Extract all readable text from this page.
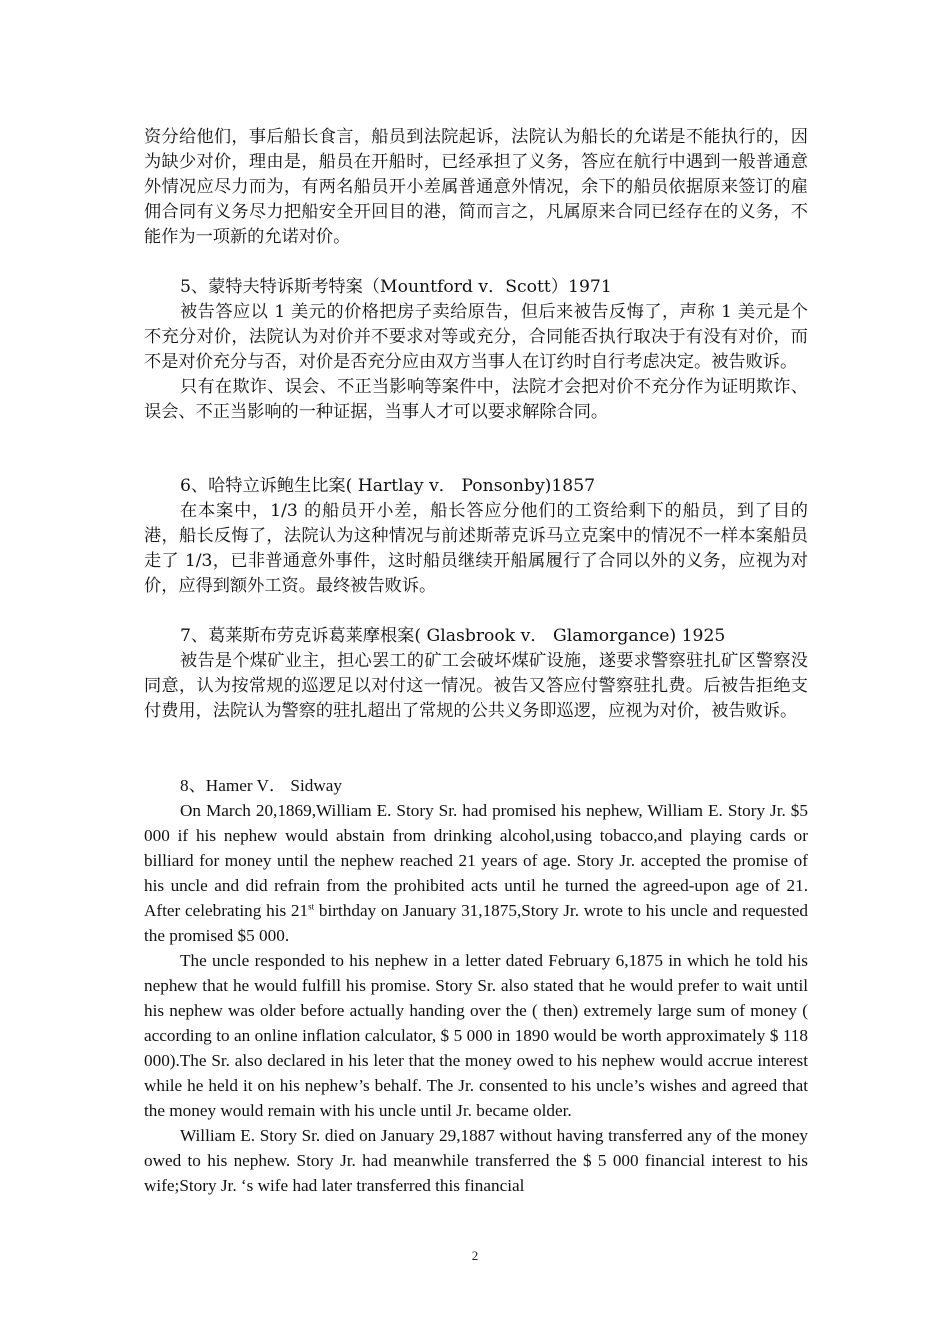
资分给他们，事后船长食言，船员到法院起诉，法院认为船长的允诺是不能执行的，因为缺少对价，理由是，船员在开船时，已经承担了义务，答应在航行中遇到一般普通意外情况应尽力而为，有两名船员开小差属普通意外情况，余下的船员依据原来签订的雇佣合同有义务尽力把船安全开回目的港，简而言之，凡属原来合同已经存在的义务，不能作为一项新的允诺对价。

5、蒙特夫特诉斯考特案（Mountford v．Scott）1971

被告答应以 1 美元的价格把房子卖给原告，但后来被告反悔了，声称 1 美元是个不充分对价，法院认为对价并不要求对等或充分，合同能否执行取决于有没有对价，而不是对价充分与否，对价是否充分应由双方当事人在订约时自行考虑决定。被告败诉。

只有在欺诈、误会、不正当影响等案件中，法院才会把对价不充分作为证明欺诈、误会、不正当影响的一种证据，当事人才可以要求解除合同。

6、哈特立诉鲍生比案( Hartlay v． Ponsonby)1857

在本案中，1/3 的船员开小差，船长答应分他们的工资给剩下的船员，到了目的港，船长反悔了，法院认为这种情况与前述斯蒂克诉马立克案中的情况不一样本案船员走了 1/3，已非普通意外事件，这时船员继续开船属履行了合同以外的义务，应视为对价，应得到额外工资。最终被告败诉。

7、葛莱斯布劳克诉葛莱摩根案( Glasbrook v． Glamorgance) 1925

被告是个煤矿业主，担心罢工的矿工会破坏煤矿设施，遂要求警察驻扎矿区警察没同意，认为按常规的巡逻足以对付这一情况。被告又答应付警察驻扎费。后被告拒绝支付费用，法院认为警察的驻扎超出了常规的公共义务即巡逻，应视为对价，被告败诉。

8、Hamer V． Sidway

On March 20,1869,William E. Story Sr. had promised his nephew, William E. Story Jr. $5 000 if his nephew would abstain from drinking alcohol,using tobacco,and playing cards or billiard for money until the nephew reached 21 years of age. Story Jr. accepted the promise of his uncle and did refrain from the prohibited acts until he turned the agreed-upon age of 21. After celebrating his 21st birthday on January 31,1875,Story Jr. wrote to his uncle and requested the promised $5 000.

The uncle responded to his nephew in a letter dated February 6,1875 in which he told his nephew that he would fulfill his promise. Story Sr. also stated that he would prefer to wait until his nephew was older before actually handing over the ( then) extremely large sum of money ( according to an online inflation calculator, $ 5 000 in 1890 would be worth approximately $ 118 000).The Sr. also declared in his leter that the money owed to his nephew would accrue interest while he held it on his nephew’s behalf. The Jr. consented to his uncle’s wishes and agreed that the money would remain with his uncle until Jr. became older.

William E. Story Sr. died on January 29,1887 without having transferred any of the money owed to his nephew. Story Jr. had meanwhile transferred the $ 5 000 financial interest to his wife;Story Jr. ‘s wife had later transferred this financial

2
